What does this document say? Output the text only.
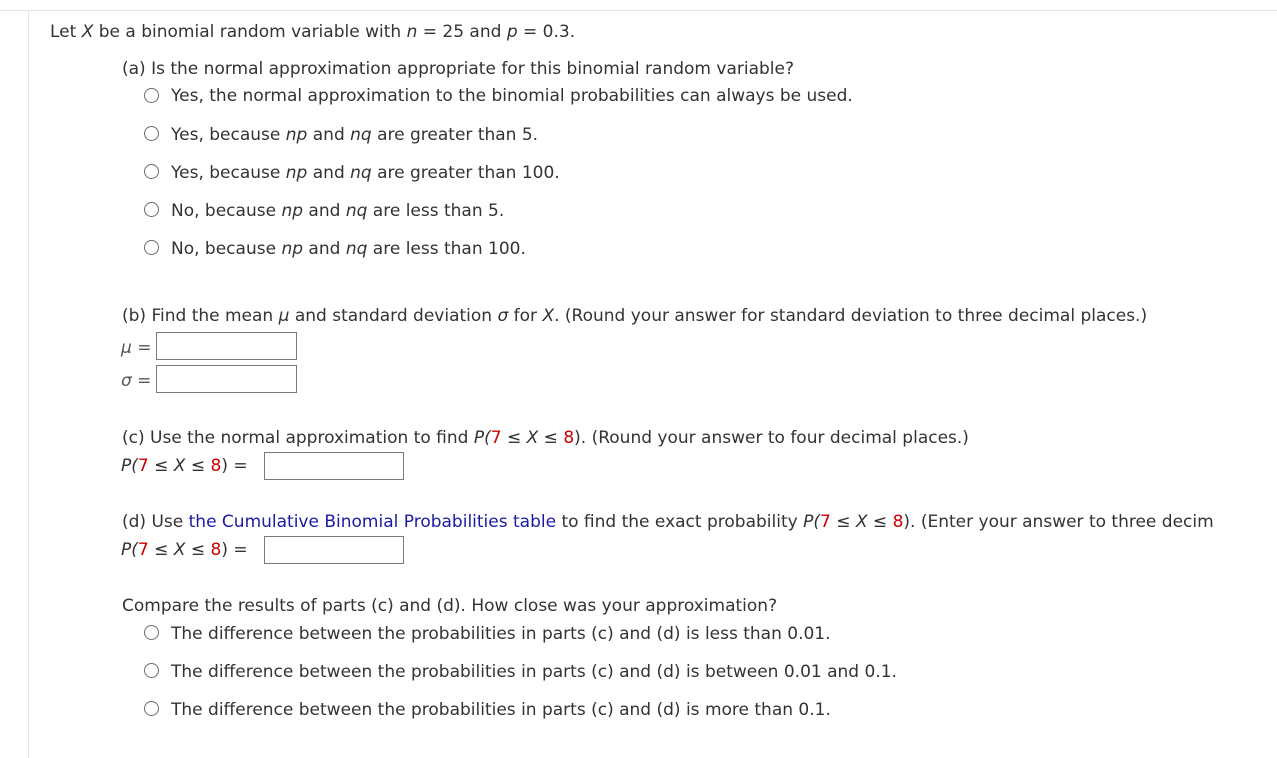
Let X be a binomial random variable with n = 25 and p = 0.3.
(a) Is the normal approximation appropriate for this binomial random variable?
Yes, the normal approximation to the binomial probabilities can always be used.
Yes, because np and nq are greater than 5.
Yes, because np and nq are greater than 100.
No, because np and nq are less than 5.
No, because np and nq are less than 100.
(b) Find the mean μ and standard deviation σ for X. (Round your answer for standard deviation to three decimal places.)
μ =
σ =
(c) Use the normal approximation to find P(7 ≤ X ≤ 8). (Round your answer to four decimal places.)
P(7 ≤ X ≤ 8) =
(d) Use the Cumulative Binomial Probabilities table to find the exact probability P(7 ≤ X ≤ 8). (Enter your answer to three decim
P(7 ≤ X ≤ 8) =
Compare the results of parts (c) and (d). How close was your approximation?
The difference between the probabilities in parts (c) and (d) is less than 0.01.
The difference between the probabilities in parts (c) and (d) is between 0.01 and 0.1.
The difference between the probabilities in parts (c) and (d) is more than 0.1.
